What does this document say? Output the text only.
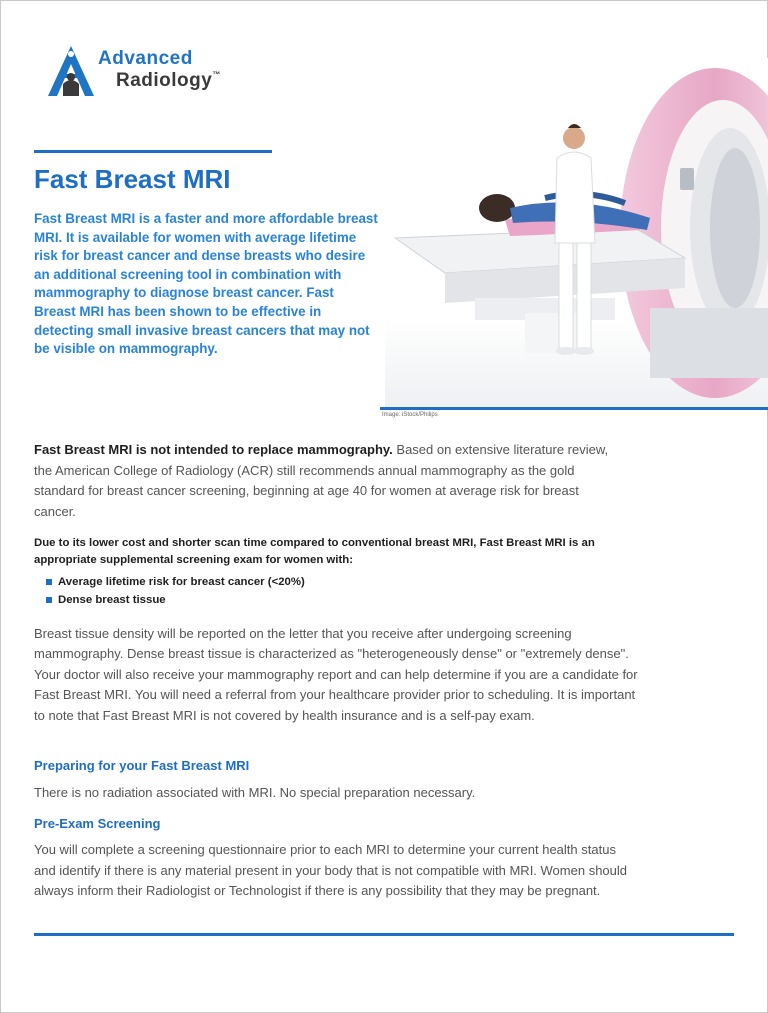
Advanced
Radiology™
Fast Breast MRI

Fast Breast MRI is a faster and more affordable breast MRI. It is available for women with average lifetime risk for breast cancer and dense breasts who desire an additional screening tool in combination with mammography to diagnose breast cancer. Fast Breast MRI has been shown to be effective in detecting small invasive breast cancers that may not be visible on mammography.

Image: iStock/Philips

Fast Breast MRI is not intended to replace mammography. Based on extensive literature review, the American College of Radiology (ACR) still recommends annual mammography as the gold standard for breast cancer screening, beginning at age 40 for women at average risk for breast cancer.

Due to its lower cost and shorter scan time compared to conventional breast MRI, Fast Breast MRI is an appropriate supplemental screening exam for women with:

Average lifetime risk for breast cancer (<20%)
Dense breast tissue

Breast tissue density will be reported on the letter that you receive after undergoing screening mammography. Dense breast tissue is characterized as "heterogeneously dense" or "extremely dense". Your doctor will also receive your mammography report and can help determine if you are a candidate for Fast Breast MRI. You will need a referral from your healthcare provider prior to scheduling. It is important to note that Fast Breast MRI is not covered by health insurance and is a self-pay exam.

Preparing for your Fast Breast MRI

There is no radiation associated with MRI. No special preparation necessary.

Pre-Exam Screening

You will complete a screening questionnaire prior to each MRI to determine your current health status and identify if there is any material present in your body that is not compatible with MRI. Women should always inform their Radiologist or Technologist if there is any possibility that they may be pregnant.
